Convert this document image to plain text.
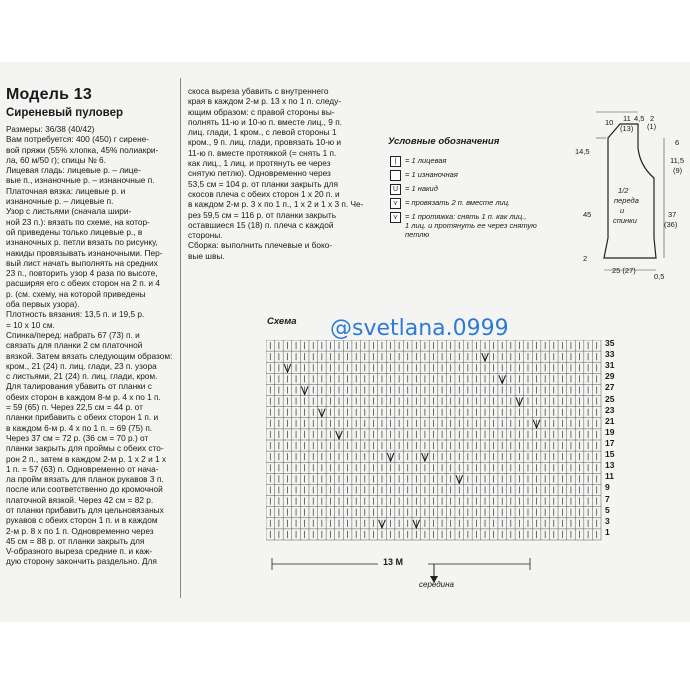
Модель 13
Сиреневый пуловер
Размеры: 36/38 (40/42)
Вам потребуется: 400 (450) г сирене-
вой пряжи (55% хлопка, 45% полиакри-
ла, 60 м/50 г); спицы № 6.
Лицевая гладь: лицевые р. – лице-
вые п., изнаночные р. – изнаночные п.
Платочная вязка: лицевые р. и
изнаночные р. – лицевые п.
Узор с листьями (сначала шири-
ной 23 п.): вязать по схеме, на котор-
ой приведены только лицевые р., в
изнаночных р. петли вязать по рисунку,
накиды провязывать изнаночными. Пер-
вый лист начать выполнять на средних
23 п., повторить узор 4 раза по высоте,
расширяя его с обеих сторон на 2 п. и 4
р. (см. схему, на которой приведены
оба первых узора).
Плотность вязания: 13,5 п. и 19,5 р.
= 10 х 10 см.
Спинка/перед: набрать 67 (73) п. и
связать для планки 2 см платочной
вязкой. Затем вязать следующим образом:
кром., 21 (24) п. лиц. глади, 23 п. узора
с листьями, 21 (24) п. лиц. глади, кром.
Для талирования убавить от планки с
обеих сторон в каждом 8-м р. 4 х по 1 п.
= 59 (65) п. Через 22,5 см = 44 р. от
планки прибавить с обеих сторон 1 п. и
в каждом 6-м р. 4 х по 1 п. = 69 (75) п.
Через 37 см = 72 р. (36 см = 70 р.) от
планки закрыть для проймы с обеих сто-
рон 2 п., затем в каждом 2-м р. 1 х 2 и 1 х
1 п. = 57 (63) п. Одновременно от нача-
ла пройм вязать для планок рукавов 3 п.
после или соответственно до кромочной
платочной вязкой. Через 42 см = 82 р.
от планки прибавить для цельновязаных
рукавов с обеих сторон 1 п. и в каждом
2-м р. 8 х по 1 п. Одновременно через
45 см = 88 р. от планки закрыть для
V-образного выреза средние п. и каж-
дую сторону закончить раздельно. Для
скоса выреза убавить с внутреннего
края в каждом 2-м р. 13 х по 1 п. следу-
ющим образом: с правой стороны вы-
полнять 11-ю и 10-ю п. вместе лиц., 9 п.
лиц. глади, 1 кром., с левой стороны 1
кром., 9 п. лиц. глади, провязать 10-ю и
11-ю п. вместе протяжкой (= снять 1 п.
как лиц., 1 лиц. и протянуть ее через
снятую петлю). Одновременно через
53,5 см = 104 р. от планки закрыть для
скосов плеча с обеих сторон 1 х 20 п. и
в каждом 2-м р. 3 х по 1 п., 1 х 2 и 1 х 3 п. Че-
рез 59,5 см = 116 р. от планки закрыть
оставшиеся 15 (18) п. плеча с каждой
стороны.
Сборка: выполнить плечевые и боко-
вые швы.
Условные обозначения
|	= 1 лицевая
= 1 изнаночная
U = 1 накид
⋎ = провязать 2 п. вместе лиц.
⋎ = 1 протяжка: снять 1 п. как лиц.,
1 лиц. и протянуть ее через снятую
петлю
10 11 4,5
(13)
2
(1)
14,5
6
11,5
(9)
1/2
переда
и
спинки
45	37
(36)
2
25 (27)
0,5
Схема @svetlana.0999
35
33
31
29
27
25
23
21
19
17
15
13
11
9
7
5
3
1
13 М
середина
